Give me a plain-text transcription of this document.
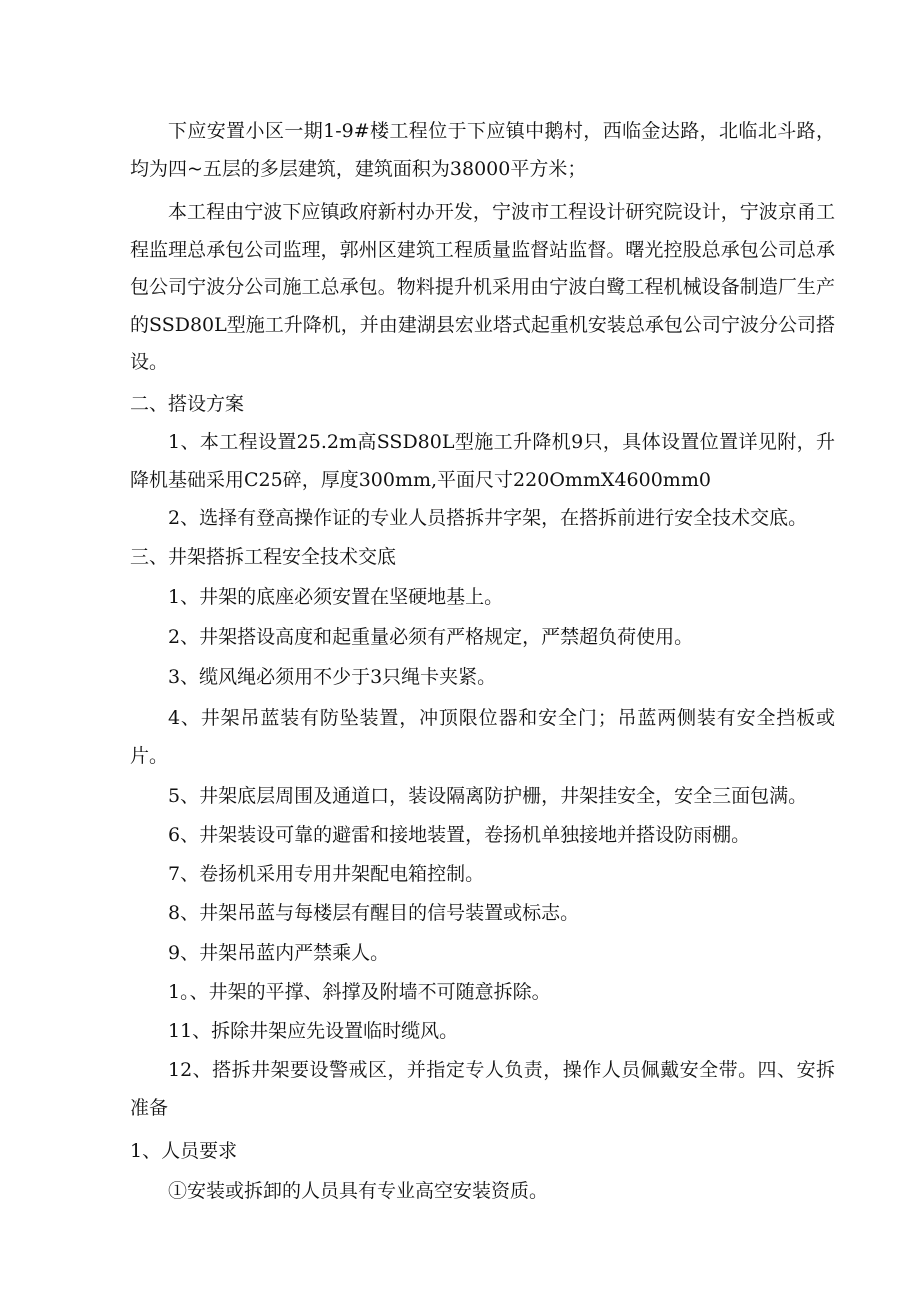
下应安置小区一期1-9#楼工程位于下应镇中鹅村，西临金达路，北临北斗路，均为四~五层的多层建筑，建筑面积为38000平方米；

本工程由宁波下应镇政府新村办开发，宁波市工程设计研究院设计，宁波京甬工程监理总承包公司监理，郭州区建筑工程质量监督站监督。曙光控股总承包公司总承包公司宁波分公司施工总承包。物料提升机采用由宁波白鹭工程机械设备制造厂生产的SSD80L型施工升降机，并由建湖县宏业塔式起重机安装总承包公司宁波分公司搭设。

二、搭设方案

1、本工程设置25.2m高SSD80L型施工升降机9只，具体设置位置详见附，升降机基础采用C25碎，厚度300mm,平面尺寸220OmmX4600mm0

2、选择有登高操作证的专业人员搭拆井字架，在搭拆前进行安全技术交底。

三、井架搭拆工程安全技术交底

1、井架的底座必须安置在坚硬地基上。

2、井架搭设高度和起重量必须有严格规定，严禁超负荷使用。

3、缆风绳必须用不少于3只绳卡夹紧。

4、井架吊蓝装有防坠装置，冲顶限位器和安全门；吊蓝两侧装有安全挡板或片。

5、井架底层周围及通道口，装设隔离防护栅，井架挂安全，安全三面包满。

6、井架装设可靠的避雷和接地装置，卷扬机单独接地并搭设防雨棚。

7、卷扬机采用专用井架配电箱控制。

8、井架吊蓝与每楼层有醒目的信号装置或标志。

9、井架吊蓝内严禁乘人。

1。、井架的平撑、斜撑及附墙不可随意拆除。

11、拆除井架应先设置临时缆风。

12、搭拆井架要设警戒区，并指定专人负责，操作人员佩戴安全带。四、安拆准备

1、人员要求

①安装或拆卸的人员具有专业高空安装资质。
